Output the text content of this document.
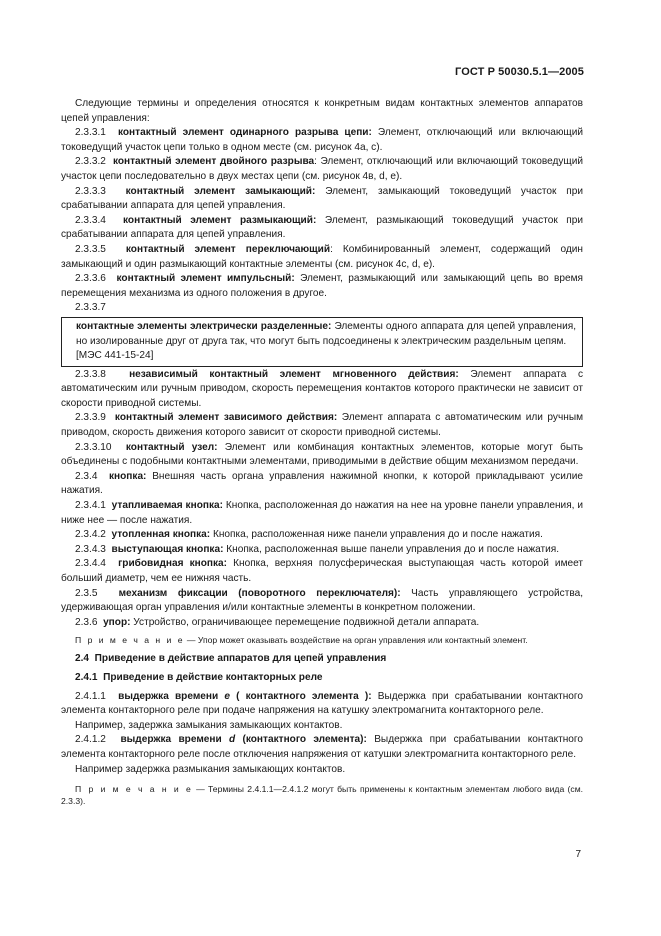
ГОСТ Р 50030.5.1—2005

Следующие термины и определения относятся к конкретным видам контактных элементов аппаратов цепей управления:

2.3.3.1 контактный элемент одинарного разрыва цепи: Элемент, отключающий или включающий токоведущий участок цепи только в одном месте (см. рисунок 4a, c).

2.3.3.2 контактный элемент двойного разрыва: Элемент, отключающий или включающий токоведущий участок цепи последовательно в двух местах цепи (см. рисунок 4в, d, e).

2.3.3.3 контактный элемент замыкающий: Элемент, замыкающий токоведущий участок при срабатывании аппарата для цепей управления.

2.3.3.4 контактный элемент размыкающий: Элемент, размыкающий токоведущий участок при срабатывании аппарата для цепей управления.

2.3.3.5 контактный элемент переключающий: Комбинированный элемент, содержащий один замыкающий и один размыкающий контактные элементы (см. рисунок 4c, d, e).

2.3.3.6 контактный элемент импульсный: Элемент, размыкающий или замыкающий цепь во время перемещения механизма из одного положения в другое.

2.3.3.7

контактные элементы электрически разделенные: Элементы одного аппарата для цепей управления, но изолированные друг от друга так, что могут быть подсоединены к электрическим раздельным цепям.

[МЭС 441-15-24]

2.3.3.8 независимый контактный элемент мгновенного действия: Элемент аппарата с автоматическим или ручным приводом, скорость перемещения контактов которого практически не зависит от скорости приводной системы.

2.3.3.9 контактный элемент зависимого действия: Элемент аппарата с автоматическим или ручным приводом, скорость движения которого зависит от скорости приводной системы.

2.3.3.10 контактный узел: Элемент или комбинация контактных элементов, которые могут быть объединены с подобными контактными элементами, приводимыми в действие общим механизмом передачи.

2.3.4 кнопка: Внешняя часть органа управления нажимной кнопки, к которой прикладывают усилие нажатия.

2.3.4.1 утапливаемая кнопка: Кнопка, расположенная до нажатия на нее на уровне панели управления, и ниже нее — после нажатия.

2.3.4.2 утопленная кнопка: Кнопка, расположенная ниже панели управления до и после нажатия.

2.3.4.3 выступающая кнопка: Кнопка, расположенная выше панели управления до и после нажатия.

2.3.4.4 грибовидная кнопка: Кнопка, верхняя полусферическая выступающая часть которой имеет больший диаметр, чем ее нижняя часть.

2.3.5 механизм фиксации (поворотного переключателя): Часть управляющего устройства, удерживающая орган управления и/или контактные элементы в конкретном положении.

2.3.6 упор: Устройство, ограничивающее перемещение подвижной детали аппарата.

П р и м е ч а н и е — Упор может оказывать воздействие на орган управления или контактный элемент.

2.4 Приведение в действие аппаратов для цепей управления

2.4.1 Приведение в действие контакторных реле

2.4.1.1 выдержка времени e ( контактного элемента ): Выдержка при срабатывании контактного элемента контакторного реле при подаче напряжения на катушку электромагнита контакторного реле.

Например, задержка замыкания замыкающих контактов.

2.4.1.2 выдержка времени d (контактного элемента): Выдержка при срабатывании контактного элемента контакторного реле после отключения напряжения от катушки электромагнита контакторного реле.

Например задержка размыкания замыкающих контактов.

П р и м е ч а н и е — Термины 2.4.1.1—2.4.1.2 могут быть применены к контактным элементам любого вида (см. 2.3.3).

7
